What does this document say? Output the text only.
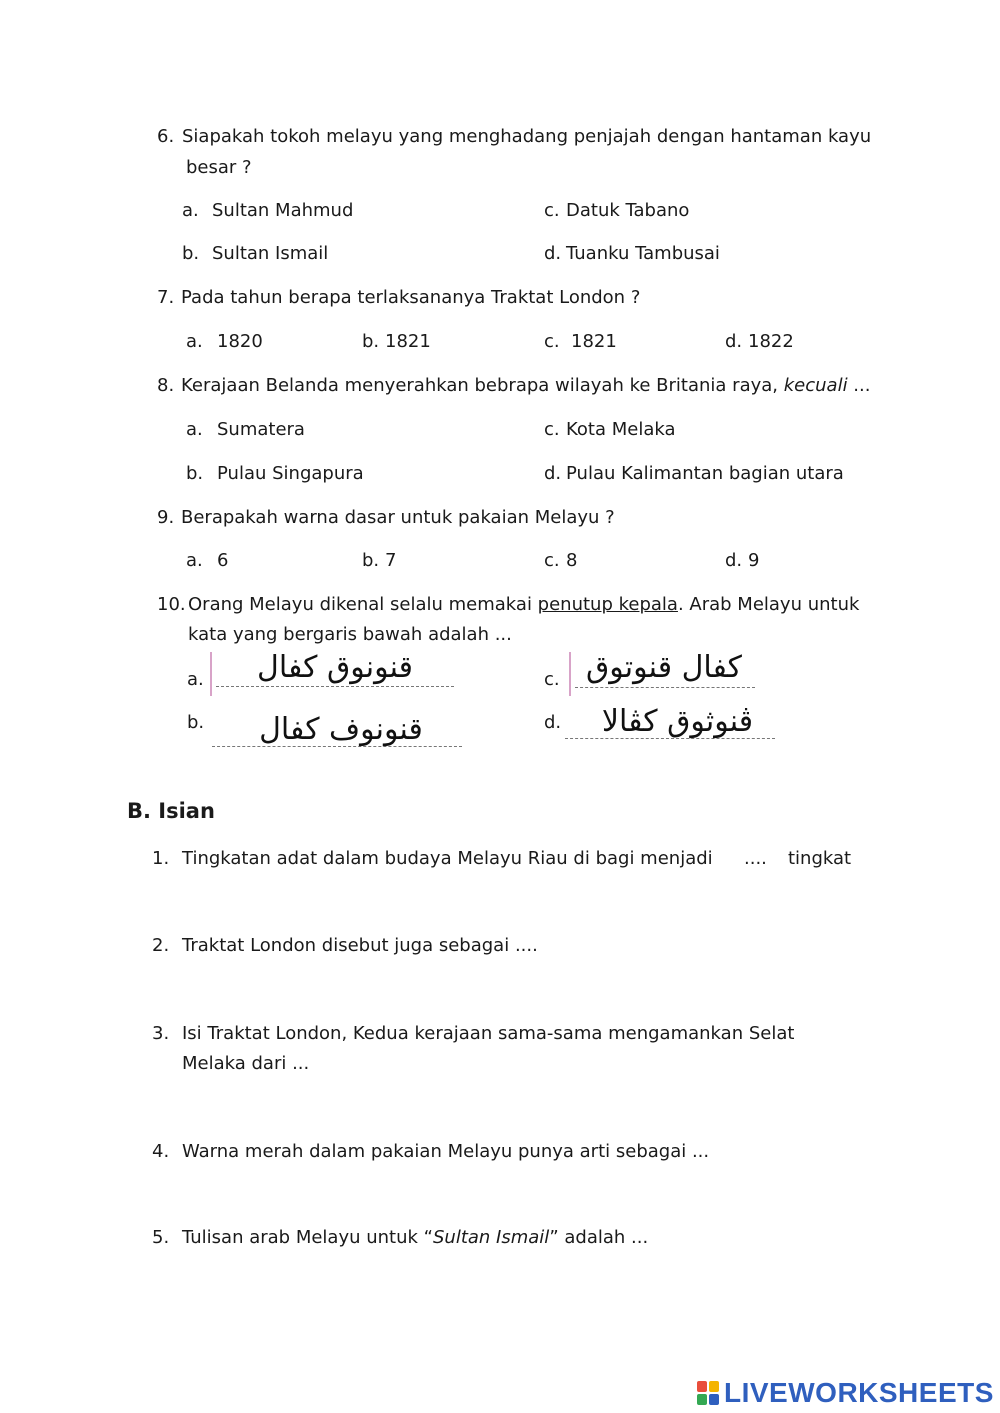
6. Siapakah tokoh melayu yang menghadang penjajah dengan hantaman kayu
besar ?
a. Sultan Mahmud	c. Datuk Tabano
b. Sultan Ismail	d. Tuanku Tambusai
7. Pada tahun berapa terlaksananya Traktat London ?
a. 1820	b. 1821	c. 1821	d. 1822
8. Kerajaan Belanda menyerahkan bebrapa wilayah ke Britania raya, kecuali ...
a. Sumatera	c. Kota Melaka
b. Pulau Singapura	d. Pulau Kalimantan bagian utara
9. Berapakah warna dasar untuk pakaian Melayu ?
a. 6	b. 7	c. 8	d. 9
10. Orang Melayu dikenal selalu memakai penutup kepala. Arab Melayu untuk
kata yang bergaris bawah adalah ...
a.	قنونوق كفال	c. كفال قنوتوق
b.	قنونوف كفال	d.	ڤنوثوق كڤالا
B. Isian
1. Tingkatan adat dalam budaya Melayu Riau di bagi menjadi .... tingkat
2. Traktat London disebut juga sebagai ....
3. Isi Traktat London, Kedua kerajaan sama-sama mengamankan Selat
Melaka dari ...
4. Warna merah dalam pakaian Melayu punya arti sebagai ...
5. Tulisan arab Melayu untuk “Sultan Ismail” adalah ...
LIVEWORKSHEETS
